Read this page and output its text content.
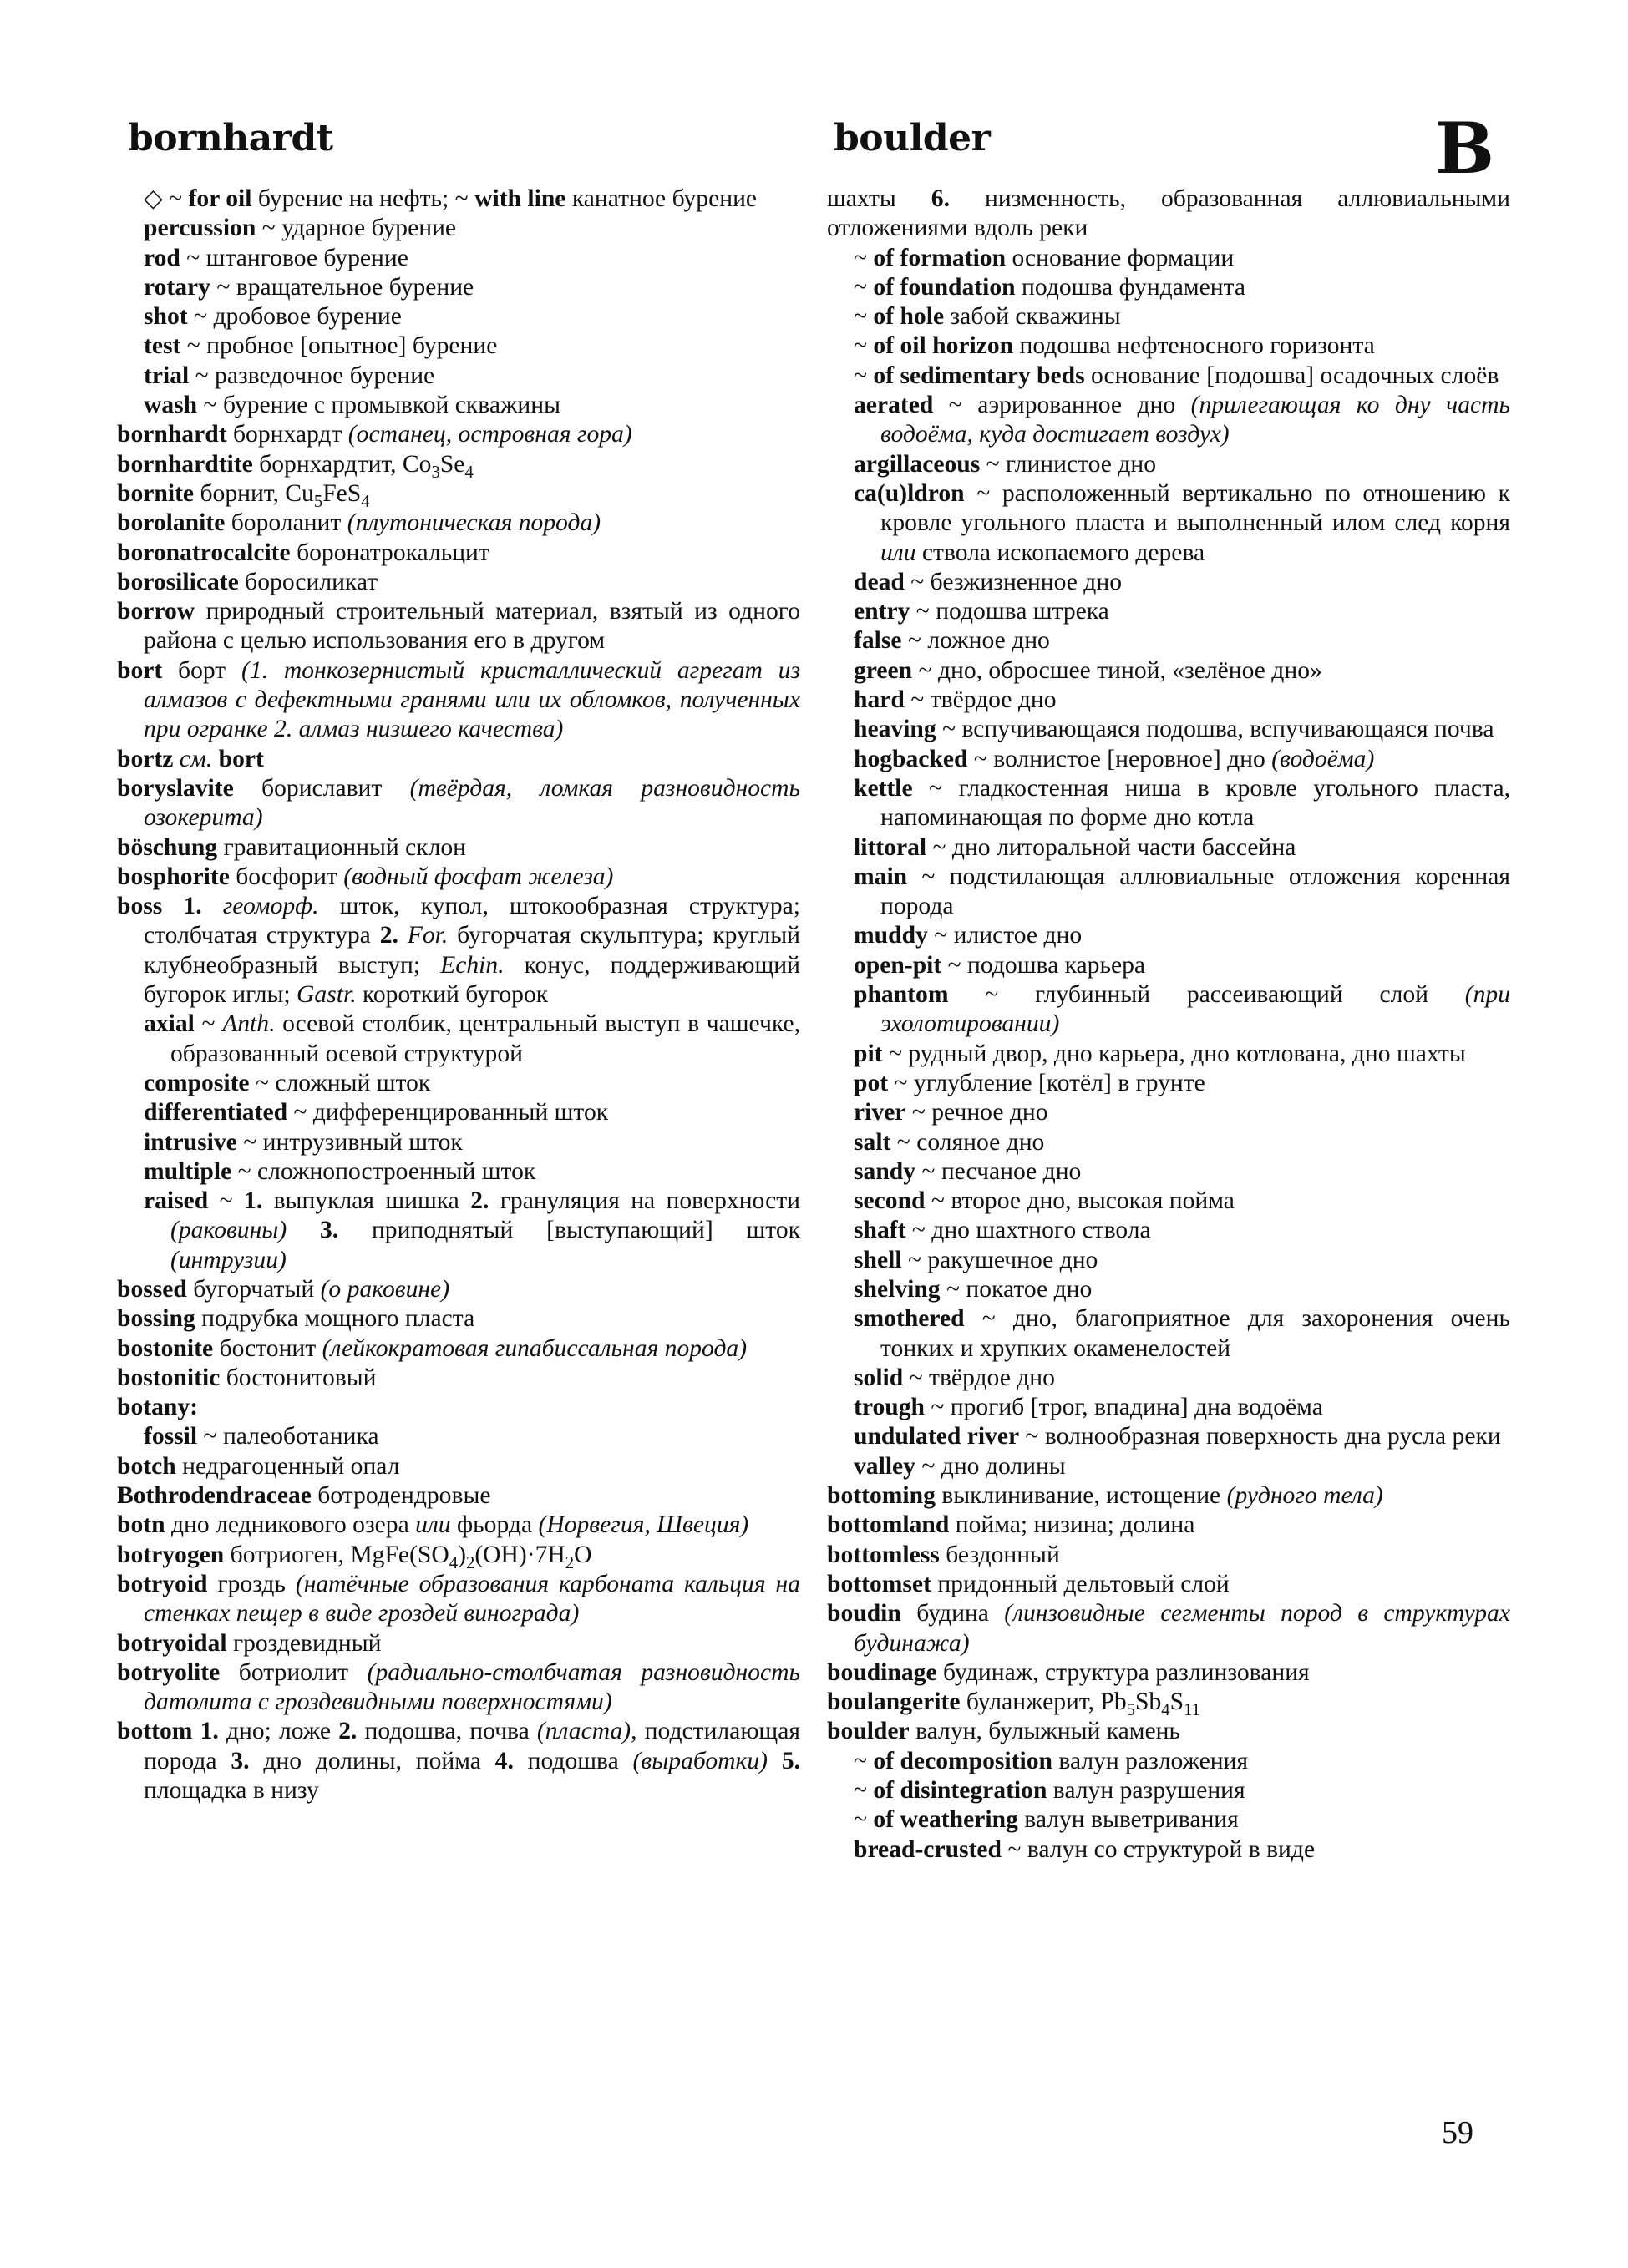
bornhardt	boulder	B
◇ ~ for oil бурение на нефть; ~ with line канатное бурение
percussion ~ ударное бурение
rod ~ штанговое бурение
rotary ~ вращательное бурение
shot ~ дробовое бурение
test ~ пробное [опытное] бурение
trial ~ разведочное бурение
wash ~ бурение с промывкой скважины
bornhardt борнхардт (останец, островная гора)
bornhardtite борнхардтит, $Co_3Se_4$
bornite борнит, $Cu_5FeS_4$
borolanite бороланит (плутоническая порода)
boronatrocalcite боронатрокальцит
borosilicate боросиликат
borrow природный строительный материал, взятый из одного района с целью использования его в другом
bort борт (1. тонкозернистый кристаллический агрегат из алмазов с дефектными гранями или их обломков, полученных при огранке 2. алмаз низшего качества)
bortz см. bort
boryslavite бориславит (твёрдая, ломкая разновидность озокерита)
böschung гравитационный склон
bosphorite босфорит (водный фосфат железа)
boss 1. геоморф. шток, купол, штокообразная структура; столбчатая структура 2. For. бугорчатая скульптура; круглый клубнеобразный выступ; Echin. конус, поддерживающий бугорок иглы; Gastr. короткий бугорок
axial ~ Anth. осевой столбик, центральный выступ в чашечке, образованный осевой структурой
composite ~ сложный шток
differentiated ~ дифференцированный шток
intrusive ~ интрузивный шток
multiple ~ сложнопостроенный шток
raised ~ 1. выпуклая шишка 2. грануляция на поверхности (раковины) 3. приподнятый [выступающий] шток (интрузии)
bossed бугорчатый (о раковине)
bossing подрубка мощного пласта
bostonite бостонит (лейкократовая гипабиссальная порода)
bostonitic бостонитовый
botany:
fossil ~ палеоботаника
botch недрагоценный опал
Bothrodendraceae ботродендровые
botn дно ледникового озера или фьорда (Норвегия, Швеция)
botryogen ботриоген, $MgFe(SO_4)_2(OH)\cdot 7H_2O$
botryoid гроздь (натёчные образования карбоната кальция на стенках пещер в виде гроздей винограда)
botryoidal гроздевидный
botryolite ботриолит (радиально-столбчатая разновидность датолита с гроздевидными поверхностями)
bottom 1. дно; ложе 2. подошва, почва (пласта), подстилающая порода 3. дно долины, пойма 4. подошва (выработки) 5. площадка в низу
шахты 6. низменность, образованная аллювиальными отложениями вдоль реки
~ of formation основание формации
~ of foundation подошва фундамента
~ of hole забой скважины
~ of oil horizon подошва нефтеносного горизонта
~ of sedimentary beds основание [подошва] осадочных слоёв
aerated ~ аэрированное дно (прилегающая ко дну часть водоёма, куда достигает воздух)
argillaceous ~ глинистое дно
ca(u)ldron ~ расположенный вертикально по отношению к кровле угольного пласта и выполненный илом след корня или ствола ископаемого дерева
dead ~ безжизненное дно
entry ~ подошва штрека
false ~ ложное дно
green ~ дно, обросшее тиной, «зелёное дно»
hard ~ твёрдое дно
heaving ~ вспучивающаяся подошва, вспучивающаяся почва
hogbacked ~ волнистое [неровное] дно (водоёма)
kettle ~ гладкостенная ниша в кровле угольного пласта, напоминающая по форме дно котла
littoral ~ дно литоральной части бассейна
main ~ подстилающая аллювиальные отложения коренная порода
muddy ~ илистое дно
open-pit ~ подошва карьера
phantom ~ глубинный рассеивающий слой (при эхолотировании)
pit ~ рудный двор, дно карьера, дно котлована, дно шахты
pot ~ углубление [котёл] в грунте
river ~ речное дно
salt ~ соляное дно
sandy ~ песчаное дно
second ~ второе дно, высокая пойма
shaft ~ дно шахтного ствола
shell ~ ракушечное дно
shelving ~ покатое дно
smothered ~ дно, благоприятное для захоронения очень тонких и хрупких окаменелостей
solid ~ твёрдое дно
trough ~ прогиб [трог, впадина] дна водоёма
undulated river ~ волнообразная поверхность дна русла реки
valley ~ дно долины
bottoming выклинивание, истощение (рудного тела)
bottomland пойма; низина; долина
bottomless бездонный
bottomset придонный дельтовый слой
boudin будина (линзовидные сегменты пород в структурах будинажа)
boudinage будинаж, структура разлинзования
boulangerite буланжерит, $Pb_5Sb_4S_{11}$
boulder валун, булыжный камень
~ of decomposition валун разложения
~ of disintegration валун разрушения
~ of weathering валун выветривания
bread-crusted ~ валун со структурой в виде
59
